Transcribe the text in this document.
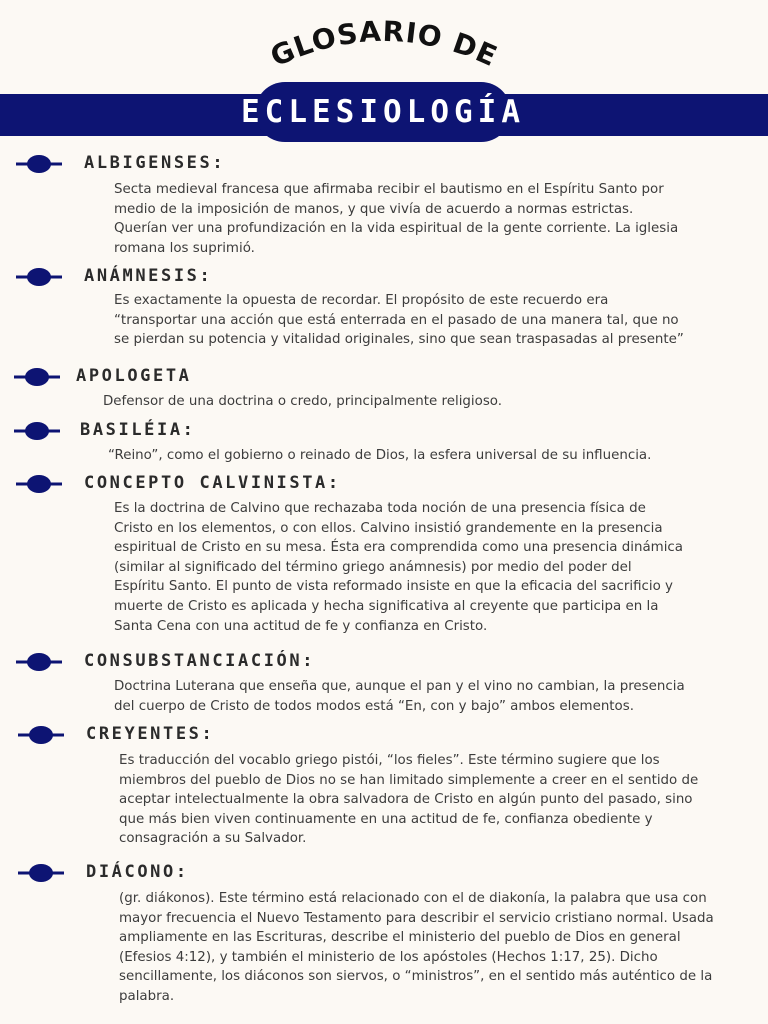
GLOSARIO DE
ECLESIOLOGÍA
ALBIGENSES:

Secta medieval francesa que afirmaba recibir el bautismo en el Espíritu Santo por
medio de la imposición de manos, y que vivía de acuerdo a normas estrictas.
Querían ver una profundización en la vida espiritual de la gente corriente. La iglesia
romana los suprimió.

ANÁMNESIS:

Es exactamente la opuesta de recordar. El propósito de este recuerdo era
“transportar una acción que está enterrada en el pasado de una manera tal, que no
se pierdan su potencia y vitalidad originales, sino que sean traspasadas al presente”

APOLOGETA

Defensor de una doctrina o credo, principalmente religioso.

BASILÉIA:

“Reino”, como el gobierno o reinado de Dios, la esfera universal de su influencia.

CONCEPTO CALVINISTA:

Es la doctrina de Calvino que rechazaba toda noción de una presencia física de
Cristo en los elementos, o con ellos. Calvino insistió grandemente en la presencia
espiritual de Cristo en su mesa. Ésta era comprendida como una presencia dinámica
(similar al significado del término griego anámnesis) por medio del poder del
Espíritu Santo. El punto de vista reformado insiste en que la eficacia del sacrificio y
muerte de Cristo es aplicada y hecha significativa al creyente que participa en la
Santa Cena con una actitud de fe y confianza en Cristo.

CONSUBSTANCIACIÓN:

Doctrina Luterana que enseña que, aunque el pan y el vino no cambian, la presencia
del cuerpo de Cristo de todos modos está “En, con y bajo” ambos elementos.

CREYENTES:

Es traducción del vocablo griego pistói, “los fieles”. Este término sugiere que los
miembros del pueblo de Dios no se han limitado simplemente a creer en el sentido de
aceptar intelectualmente la obra salvadora de Cristo en algún punto del pasado, sino
que más bien viven continuamente en una actitud de fe, confianza obediente y
consagración a su Salvador.

DIÁCONO:

(gr. diákonos). Este término está relacionado con el de diakonía, la palabra que usa con
mayor frecuencia el Nuevo Testamento para describir el servicio cristiano normal. Usada
ampliamente en las Escrituras, describe el ministerio del pueblo de Dios en general
(Efesios 4:12), y también el ministerio de los apóstoles (Hechos 1:17, 25). Dicho
sencillamente, los diáconos son siervos, o “ministros”, en el sentido más auténtico de la
palabra.
